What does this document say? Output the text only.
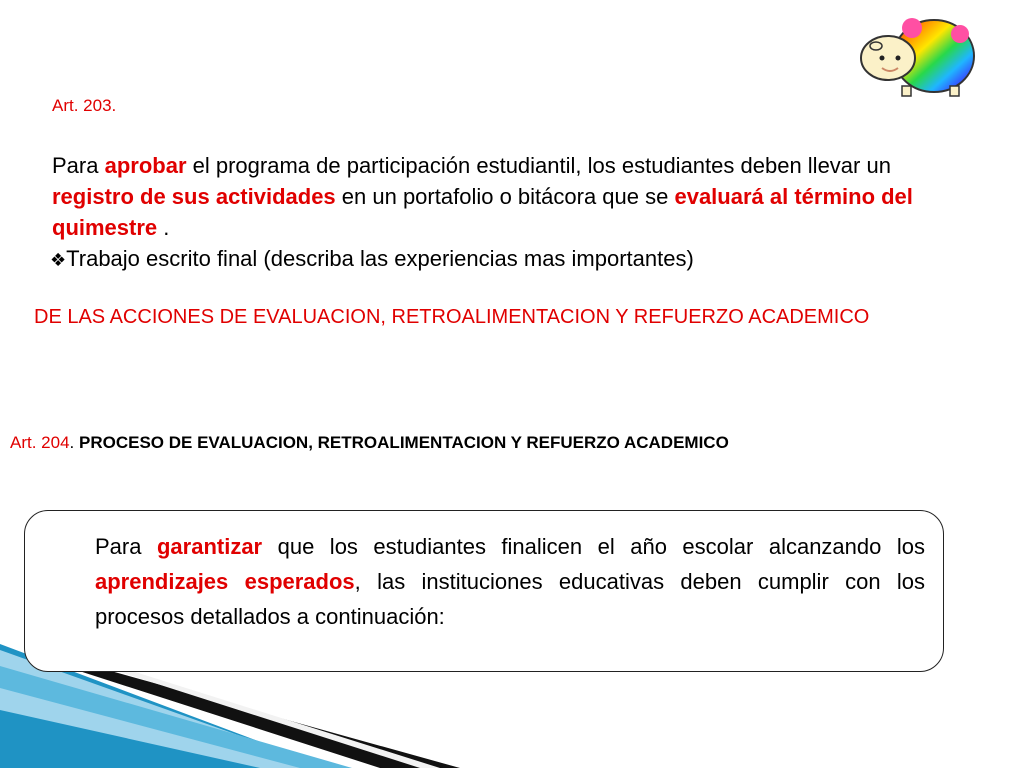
Art. 203.
Para aprobar el programa de participación estudiantil, los estudiantes deben llevar un registro de sus actividades en un portafolio o bitácora que se evaluará al término del quimestre .
❖Trabajo escrito final (describa las experiencias mas importantes)
DE LAS ACCIONES DE EVALUACION, RETROALIMENTACION Y REFUERZO ACADEMICO
Art. 204. PROCESO DE EVALUACION, RETROALIMENTACION Y REFUERZO ACADEMICO
Para garantizar que los estudiantes finalicen el año escolar alcanzando los aprendizajes esperados, las instituciones educativas deben cumplir con los procesos detallados a continuación:
